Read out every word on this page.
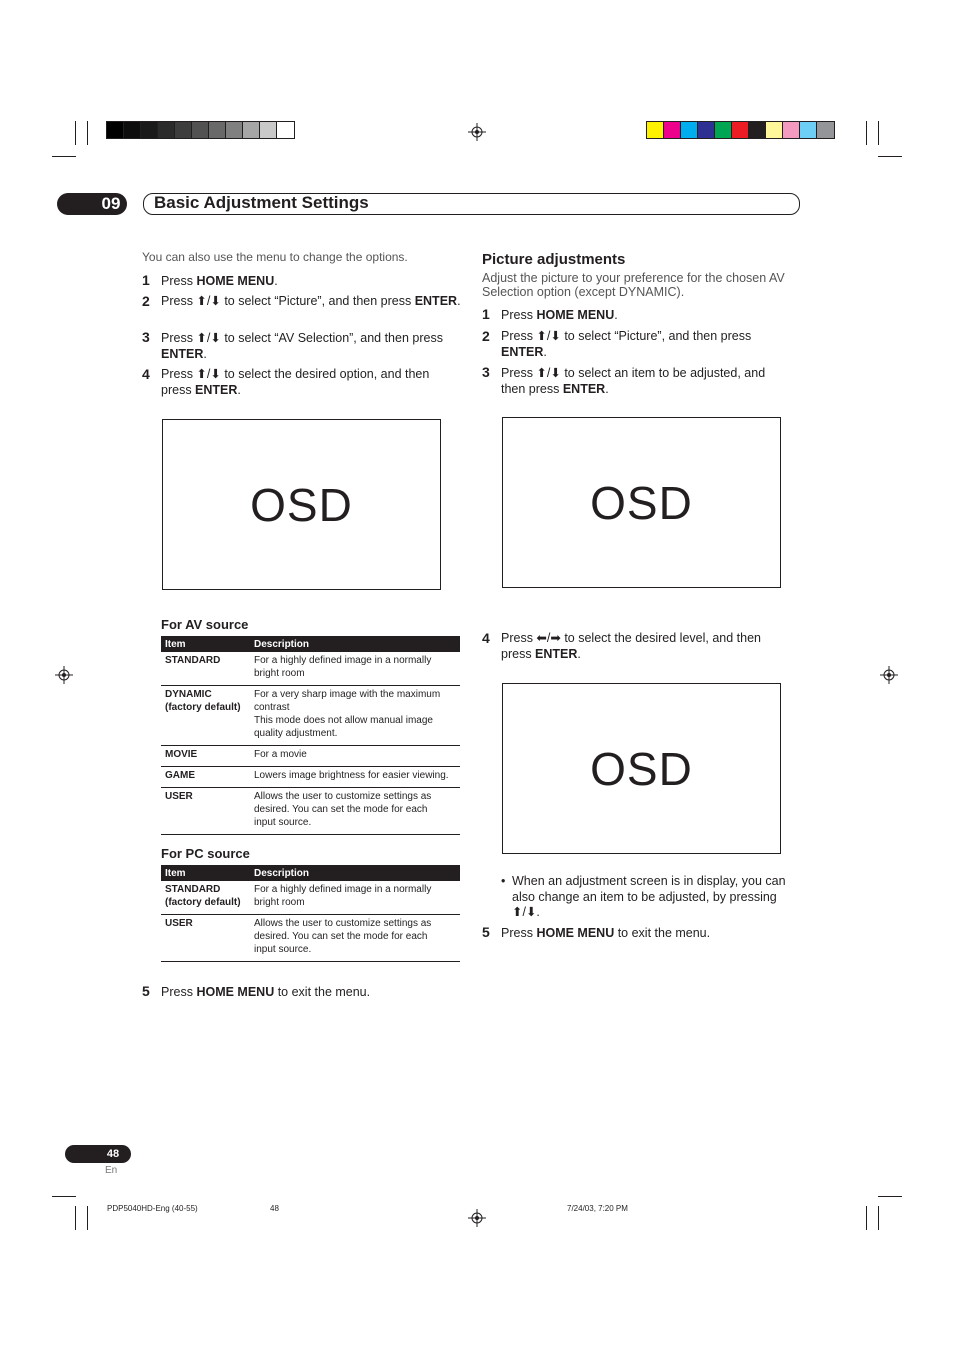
09 Basic Adjustment Settings
You can also use the menu to change the options.
1 Press HOME MENU.
2 Press ⬆/⬇ to select “Picture”, and then press ENTER.
3 Press ⬆/⬇ to select “AV Selection”, and then press ENTER.
4 Press ⬆/⬇ to select the desired option, and then press ENTER.
OSD
For AV source
Item	Description
STANDARD	For a highly defined image in a normally
bright room
DYNAMIC
(factory default)	For a very sharp image with the maximum
contrast
This mode does not allow manual image
quality adjustment.
MOVIE	For a movie
GAME	Lowers image brightness for easier viewing.
USER	Allows the user to customize settings as
desired. You can set the mode for each
input source.
For PC source
Item	Description
STANDARD
(factory default)	For a highly defined image in a normally
bright room
USER	Allows the user to customize settings as
desired. You can set the mode for each
input source.
5 Press HOME MENU to exit the menu.
Picture adjustments
Adjust the picture to your preference for the chosen AV Selection option (except DYNAMIC).
1 Press HOME MENU.
2 Press ⬆/⬇ to select “Picture”, and then press ENTER.
3 Press ⬆/⬇ to select an item to be adjusted, and then press ENTER.
OSD
4 Press ⬅/➡ to select the desired level, and then press ENTER.
OSD
• When an adjustment screen is in display, you can also change an item to be adjusted, by pressing ⬆/⬇.
5 Press HOME MENU to exit the menu.
48
En
PDP5040HD-Eng (40-55)	48	7/24/03, 7:20 PM
